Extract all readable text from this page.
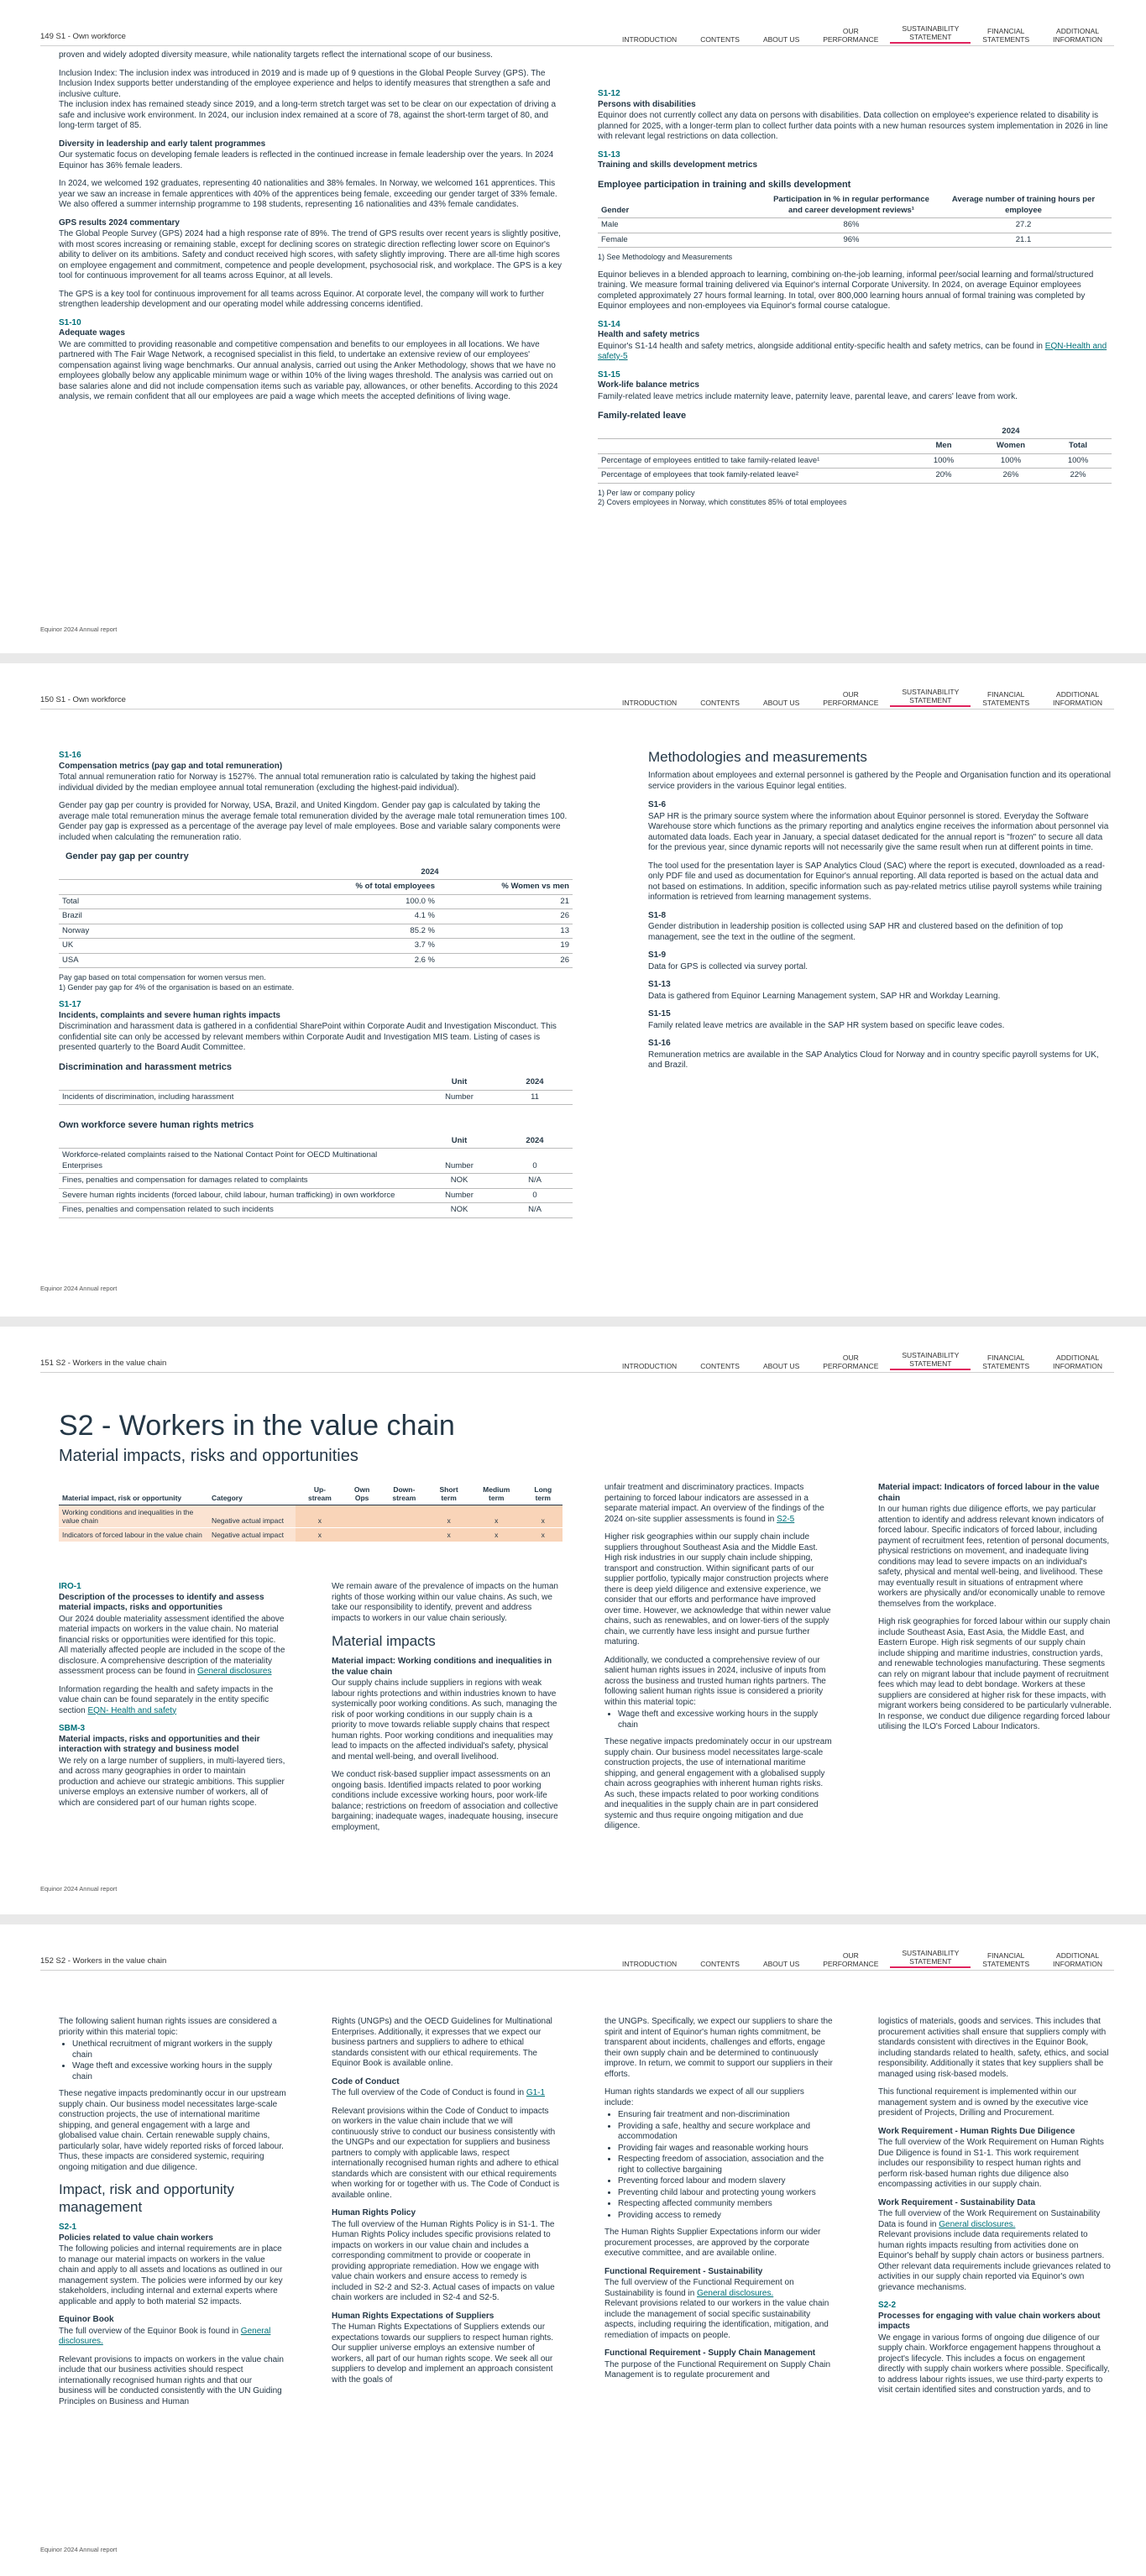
149 S1 - Own workforce	INTRODUCTION	CONTENTS	ABOUT US
OUR
PERFORMANCE
SUSTAINABILITY
STATEMENT
FINANCIAL
STATEMENTS
ADDITIONAL
INFORMATION

proven and widely adopted diversity measure, while nationality targets reflect the international scope of our business.

Inclusion Index: The inclusion index was introduced in 2019 and is made up of 9 questions in the Global People Survey (GPS). The Inclusion Index supports better understanding of the employee experience and helps to identify measures that strengthen a safe and inclusive culture.

The inclusion index has remained steady since 2019, and a long-term stretch target was set to be clear on our expectation of driving a safe and inclusive work environment. In 2024, our inclusion index remained at a score of 78, against the short-term target of 80, and long-term target of 85.

Diversity in leadership and early talent programmes

Our systematic focus on developing female leaders is reflected in the continued increase in female leadership over the years. In 2024 Equinor has 36% female leaders.

In 2024, we welcomed 192 graduates, representing 40 nationalities and 38% females. In Norway, we welcomed 161 apprentices. This year we saw an increase in female apprentices with 40% of the apprentices being female, exceeding our gender target of 33% female. We also offered a summer internship programme to 198 students, representing 16 nationalities and 43% female candidates.

GPS results 2024 commentary

The Global People Survey (GPS) 2024 had a high response rate of 89%. The trend of GPS results over recent years is slightly positive, with most scores increasing or remaining stable, except for declining scores on strategic direction reflecting lower score on Equinor's ability to deliver on its ambitions. Safety and conduct received high scores, with safety slightly improving. There are all-time high scores on employee engagement and commitment, competence and people development, psychosocial risk, and workplace. The GPS is a key tool for continuous improvement for all teams across Equinor, at all levels.

The GPS is a key tool for continuous improvement for all teams across Equinor. At corporate level, the company will work to further strengthen leadership development and our operating model while addressing concerns identified.

S1-10
Adequate wages

We are committed to providing reasonable and competitive compensation and benefits to our employees in all locations. We have partnered with The Fair Wage Network, a recognised specialist in this field, to undertake an extensive review of our employees' compensation against living wage benchmarks. Our annual analysis, carried out using the Anker Methodology, shows that we have no employees globally below any applicable minimum wage or within 10% of the living wages threshold. The analysis was carried out on base salaries alone and did not include compensation items such as variable pay, allowances, or other benefits. According to this 2024 analysis, we remain confident that all our employees are paid a wage which meets the accepted definitions of living wage.

S1-12
Persons with disabilities

Equinor does not currently collect any data on persons with disabilities. Data collection on employee's experience related to disability is planned for 2025, with a longer-term plan to collect further data points with a new human resources system implementation in 2026 in line with relevant legal restrictions on data collection.

S1-13
Training and skills development metrics
Employee participation in training and skills development
Gender	Participation in % in regular performance and career development reviews¹	Average number of training hours per employee
Male	86%	27.2
Female	96%	21.1

1) See Methodology and Measurements

Equinor believes in a blended approach to learning, combining on-the-job learning, informal peer/social learning and formal/structured training. We measure formal training delivered via Equinor's internal Corporate University. In 2024, on average Equinor employees completed approximately 27 hours formal learning. In total, over 800,000 learning hours annual of formal training was completed by Equinor employees and non-employees via Equinor's formal course catalogue.

S1-14
Health and safety metrics

Equinor's S1-14 health and safety metrics, alongside additional entity-specific health and safety metrics, can be found in EQN-Health and safety-5

S1-15
Work-life balance metrics

Family-related leave metrics include maternity leave, paternity leave, parental leave, and carers' leave from work.

Family-related leave
	2024		
	Men	Women	Total
Percentage of employees entitled to take family-related leave¹	100%	100%	100%
Percentage of employees that took family-related leave²	20%	26%	22%

1) Per law or company policy

2) Covers employees in Norway, which constitutes 85% of total employees

Equinor 2024 Annual report
150 S1 - Own workforce	INTRODUCTION	CONTENTS	ABOUT US
OUR
PERFORMANCE
SUSTAINABILITY
STATEMENT
FINANCIAL
STATEMENTS
ADDITIONAL
INFORMATION
S1-16
Compensation metrics (pay gap and total remuneration)

Total annual remuneration ratio for Norway is 1527%. The annual total remuneration ratio is calculated by taking the highest paid individual divided by the median employee annual total remuneration (excluding the highest-paid individual).

Gender pay gap per country is provided for Norway, USA, Brazil, and United Kingdom. Gender pay gap is calculated by taking the average male total remuneration minus the average female total remuneration divided by the average male total remuneration times 100. Gender pay gap is expressed as a percentage of the average pay level of male employees. Bose and variable salary components were included when calculating the remuneration ratio.

Gender pay gap per country
	2024	
	% of total employees	% Women vs men
Total	100.0 %	21
Brazil	4.1 %	26
Norway	85.2 %	13
UK	3.7 %	19
USA	2.6 %	26

Pay gap based on total compensation for women versus men.

1) Gender pay gap for 4% of the organisation is based on an estimate.

S1-17
Incidents, complaints and severe human rights impacts

Discrimination and harassment data is gathered in a confidential SharePoint within Corporate Audit and Investigation Misconduct. This confidential site can only be accessed by relevant members within Corporate Audit and Investigation MIS team. Listing of cases is presented quarterly to the Board Audit Committee.

Discrimination and harassment metrics
	Unit	2024
Incidents of discrimination, including harassment	Number	11
Own workforce severe human rights metrics
	Unit	2024
Workforce-related complaints raised to the National Contact Point for OECD Multinational Enterprises	Number	0
Fines, penalties and compensation for damages related to complaints	NOK	N/A
Severe human rights incidents (forced labour, child labour, human trafficking) in own workforce	Number	0
Fines, penalties and compensation related to such incidents	NOK	N/A
Methodologies and measurements

Information about employees and external personnel is gathered by the People and Organisation function and its operational service providers in the various Equinor legal entities.

S1-6

SAP HR is the primary source system where the information about Equinor personnel is stored. Everyday the Software Warehouse store which functions as the primary reporting and analytics engine receives the information about personnel via automated data loads. Each year in January, a special dataset dedicated for the annual report is "frozen" to secure all data for the previous year, since dynamic reports will not necessarily give the same result when run at different points in time.

The tool used for the presentation layer is SAP Analytics Cloud (SAC) where the report is executed, downloaded as a read-only PDF file and used as documentation for Equinor's annual reporting. All data reported is based on the actual data and not based on estimations. In addition, specific information such as pay-related metrics utilise payroll systems while training information is retrieved from learning management systems.

S1-8

Gender distribution in leadership position is collected using SAP HR and clustered based on the definition of top management, see the text in the outline of the segment.

S1-9

Data for GPS is collected via survey portal.

S1-13

Data is gathered from Equinor Learning Management system, SAP HR and Workday Learning.

S1-15

Family related leave metrics are available in the SAP HR system based on specific leave codes.

S1-16

Remuneration metrics are available in the SAP Analytics Cloud for Norway and in country specific payroll systems for UK, and Brazil.

Equinor 2024 Annual report
151 S2 - Workers in the value chain	INTRODUCTION	CONTENTS	ABOUT US
OUR
PERFORMANCE
SUSTAINABILITY
STATEMENT
FINANCIAL
STATEMENTS
ADDITIONAL
INFORMATION
S2 - Workers in the value chain
Material impacts, risks and opportunities
Material impact, risk or opportunity	Category	Up-
stream	Own
Ops	Down-
stream	Short
term	Medium
term	Long
term
Working conditions and inequalities in the value chain	Negative actual impact	x			x	x	x
Indicators of forced labour in the value chain	Negative actual impact	x			x	x	x
IRO-1
Description of the processes to identify and assess material impacts, risks and opportunities

Our 2024 double materiality assessment identified the above material impacts on workers in the value chain. No material financial risks or opportunities were identified for this topic. All materially affected people are included in the scope of the disclosure. A comprehensive description of the materiality assessment process can be found in General disclosures

Information regarding the health and safety impacts in the value chain can be found separately in the entity specific section EQN- Health and safety

SBM-3
Material impacts, risks and opportunities and their interaction with strategy and business model

We rely on a large number of suppliers, in multi-layered tiers, and across many geographies in order to maintain production and achieve our strategic ambitions. This supplier universe employs an extensive number of workers, all of which are considered part of our human rights scope.

We remain aware of the prevalence of impacts on the human rights of those working within our value chains. As such, we take our responsibility to identify, prevent and address impacts to workers in our value chain seriously.

Material impacts
Material impact: Working conditions and inequalities in the value chain

Our supply chains include suppliers in regions with weak labour rights protections and within industries known to have systemically poor working conditions. As such, managing the risk of poor working conditions in our supply chain is a priority to move towards reliable supply chains that respect human rights. Poor working conditions and inequalities may lead to impacts on the affected individual's safety, physical and mental well-being, and overall livelihood.

We conduct risk-based supplier impact assessments on an ongoing basis. Identified impacts related to poor working conditions include excessive working hours, poor work-life balance; restrictions on freedom of association and collective bargaining; inadequate wages, inadequate housing, insecure employment,

unfair treatment and discriminatory practices. Impacts pertaining to forced labour indicators are assessed in a separate material impact. An overview of the findings of the 2024 on-site supplier assessments is found in S2-5

Higher risk geographies within our supply chain include suppliers throughout Southeast Asia and the Middle East. High risk industries in our supply chain include shipping, transport and construction. Within significant parts of our supplier portfolio, typically major construction projects where there is deep yield diligence and extensive experience, we consider that our efforts and performance have improved over time. However, we acknowledge that within newer value chains, such as renewables, and on lower-tiers of the supply chain, we currently have less insight and pursue further maturing.

Additionally, we conducted a comprehensive review of our salient human rights issues in 2024, inclusive of inputs from across the business and trusted human rights partners. The following salient human rights issue is considered a priority within this material topic:

• Wage theft and excessive working hours in the supply chain

These negative impacts predominately occur in our upstream supply chain. Our business model necessitates large-scale construction projects, the use of international maritime shipping, and general engagement with a globalised supply chain across geographies with inherent human rights risks. As such, these impacts related to poor working conditions and inequalities in the supply chain are in part considered systemic and thus require ongoing mitigation and due diligence.

Material impact: Indicators of forced labour in the value chain

In our human rights due diligence efforts, we pay particular attention to identify and address relevant known indicators of forced labour. Specific indicators of forced labour, including payment of recruitment fees, retention of personal documents, physical restrictions on movement, and inadequate living conditions may lead to severe impacts on an individual's safety, physical and mental well-being, and livelihood. These may eventually result in situations of entrapment where workers are physically and/or economically unable to remove themselves from the workplace.

High risk geographies for forced labour within our supply chain include Southeast Asia, East Asia, the Middle East, and Eastern Europe. High risk segments of our supply chain include shipping and maritime industries, construction yards, and renewable technologies manufacturing. These segments can rely on migrant labour that include payment of recruitment fees which may lead to debt bondage. Workers at these suppliers are considered at higher risk for these impacts, with migrant workers being considered to be particularly vulnerable. In response, we conduct due diligence regarding forced labour utilising the ILO's Forced Labour Indicators.

Equinor 2024 Annual report
152 S2 - Workers in the value chain	INTRODUCTION	CONTENTS	ABOUT US
OUR
PERFORMANCE
SUSTAINABILITY
STATEMENT
FINANCIAL
STATEMENTS
ADDITIONAL
INFORMATION

The following salient human rights issues are considered a priority within this material topic:

• Unethical recruitment of migrant workers in the supply chain
• Wage theft and excessive working hours in the supply chain

These negative impacts predominantly occur in our upstream supply chain. Our business model necessitates large-scale construction projects, the use of international maritime shipping, and general engagement with a large and globalised value chain. Certain renewable supply chains, particularly solar, have widely reported risks of forced labour. Thus, these impacts are considered systemic, requiring ongoing mitigation and due diligence.

Impact, risk and opportunity management
S2-1
Policies related to value chain workers

The following policies and internal requirements are in place to manage our material impacts on workers in the value chain and apply to all assets and locations as outlined in our management system. The policies were informed by our key stakeholders, including internal and external experts where applicable and apply to both material S2 impacts.

Equinor Book

The full overview of the Equinor Book is found in General disclosures.

Relevant provisions to impacts on workers in the value chain include that our business activities should respect internationally recognised human rights and that our business will be conducted consistently with the UN Guiding Principles on Business and Human

Rights (UNGPs) and the OECD Guidelines for Multinational Enterprises. Additionally, it expresses that we expect our business partners and suppliers to adhere to ethical standards consistent with our ethical requirements. The Equinor Book is available online.

Code of Conduct

The full overview of the Code of Conduct is found in G1-1

Relevant provisions within the Code of Conduct to impacts on workers in the value chain include that we will continuously strive to conduct our business consistently with the UNGPs and our expectation for suppliers and business partners to comply with applicable laws, respect internationally recognised human rights and adhere to ethical standards which are consistent with our ethical requirements when working for or together with us. The Code of Conduct is available online.

Human Rights Policy

The full overview of the Human Rights Policy is in S1-1. The Human Rights Policy includes specific provisions related to impacts on workers in our value chain and includes a corresponding commitment to provide or cooperate in providing appropriate remediation. How we engage with value chain workers and ensure access to remedy is included in S2-2 and S2-3. Actual cases of impacts on value chain workers are included in S2-4 and S2-5.

Human Rights Expectations of Suppliers

The Human Rights Expectations of Suppliers extends our expectations towards our suppliers to respect human rights. Our supplier universe employs an extensive number of workers, all part of our human rights scope. We seek all our suppliers to develop and implement an approach consistent with the goals of

the UNGPs. Specifically, we expect our suppliers to share the spirit and intent of Equinor's human rights commitment, be transparent about incidents, challenges and efforts, engage their own supply chain and be determined to continuously improve. In return, we commit to support our suppliers in their efforts.

Human rights standards we expect of all our suppliers include:

• Ensuring fair treatment and non-discrimination
• Providing a safe, healthy and secure workplace and accommodation
• Providing fair wages and reasonable working hours
• Respecting freedom of association, association and the right to collective bargaining
• Preventing forced labour and modern slavery
• Preventing child labour and protecting young workers
• Respecting affected community members
• Providing access to remedy

The Human Rights Supplier Expectations inform our wider procurement processes, are approved by the corporate executive committee, and are available online.

Functional Requirement - Sustainability

The full overview of the Functional Requirement on Sustainability is found in General disclosures.

Relevant provisions related to our workers in the value chain include the management of social specific sustainability aspects, including requiring the identification, mitigation, and remediation of impacts on people.

Functional Requirement - Supply Chain Management

The purpose of the Functional Requirement on Supply Chain Management is to regulate procurement and

logistics of materials, goods and services. This includes that procurement activities shall ensure that suppliers comply with standards consistent with directives in the Equinor Book, including standards related to health, safety, ethics, and social responsibility. Additionally it states that key suppliers shall be managed using risk-based models.

This functional requirement is implemented within our management system and is owned by the executive vice president of Projects, Drilling and Procurement.

Work Requirement - Human Rights Due Diligence

The full overview of the Work Requirement on Human Rights Due Diligence is found in S1-1. This work requirement includes our responsibility to respect human rights and perform risk-based human rights due diligence also encompassing activities in our supply chain.

Work Requirement - Sustainability Data

The full overview of the Work Requirement on Sustainability Data is found in General disclosures.

Relevant provisions include data requirements related to human rights impacts resulting from activities done on Equinor's behalf by supply chain actors or business partners. Other relevant data requirements include grievances related to activities in our supply chain reported via Equinor's own grievance mechanisms.

S2-2
Processes for engaging with value chain workers about impacts

We engage in various forms of ongoing due diligence of our supply chain. Workforce engagement happens throughout a project's lifecycle. This includes a focus on engagement directly with supply chain workers where possible. Specifically, to address labour rights issues, we use third-party experts to visit certain identified sites and construction yards, and to

Equinor 2024 Annual report
